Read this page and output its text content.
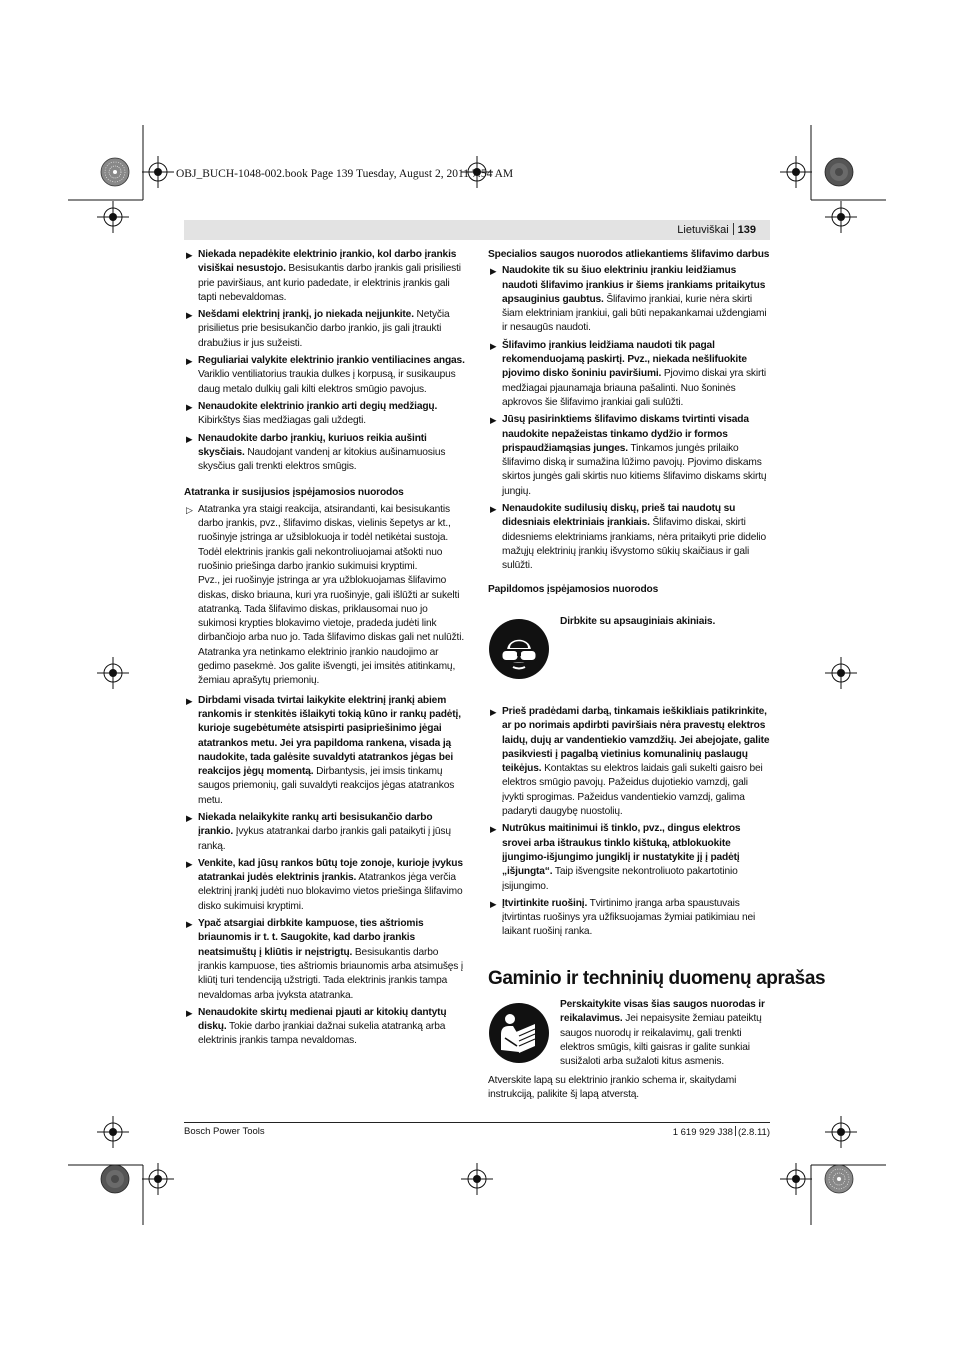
OBJ_BUCH-1048-002.book Page 139 Tuesday, August 2, 2011 7:54 AM
Lietuviškai 139
▶ Niekada nepadėkite elektrinio įrankio, kol darbo įrankis visiškai nesustojo. Besisukantis darbo įrankis gali prisiliesti prie paviršiaus, ant kurio padedate, ir elektrinis įrankis gali tapti nebevaldomas.
▶ Nešdami elektrinį įrankį, jo niekada neįjunkite. Netyčia prisilietus prie besisukančio darbo įrankio, jis gali įtraukti drabužius ir jus sužeisti.
▶ Reguliariai valykite elektrinio įrankio ventiliacines angas. Variklio ventiliatorius traukia dulkes į korpusą, ir susikaupus daug metalo dulkių gali kilti elektros smūgio pavojus.
▶ Nenaudokite elektrinio įrankio arti degių medžiagų. Kibirkštys šias medžiagas gali uždegti.
▶ Nenaudokite darbo įrankių, kuriuos reikia aušinti skysčiais. Naudojant vandenį ar kitokius aušinamuosius skysčius gali trenkti elektros smūgis.

Atatranka ir susijusios įspėjamosios nuorodos

▷ Atatranka yra staigi reakcija, atsirandanti, kai besisukantis darbo įrankis, pvz., šlifavimo diskas, vielinis šepetys ar kt., ruošinyje įstringa ar užsiblokuoja ir todėl netikėtai sustoja. Todėl elektrinis įrankis gali nekontroliuojamai atšokti nuo ruošinio priešinga darbo įrankio sukimuisi kryptimi.

Pvz., jei ruošinyje įstringa ar yra užblokuojamas šlifavimo diskas, disko briauna, kuri yra ruošinyje, gali išlūžti ar sukelti atatranką. Tada šlifavimo diskas, priklausomai nuo jo sukimosi krypties blokavimo vietoje, pradeda judėti link dirbančiojo arba nuo jo. Tada šlifavimo diskas gali net nulūžti.

Atatranka yra netinkamo elektrinio įrankio naudojimo ar gedimo pasekmė. Jos galite išvengti, jei imsitės atitinkamų, žemiau aprašytų priemonių.

▶ Dirbdami visada tvirtai laikykite elektrinį įrankį abiem rankomis ir stenkitės išlaikyti tokią kūno ir rankų padėtį, kurioje sugebėtumėte atsispirti pasipriešinimo jėgai atatrankos metu. Jei yra papildoma rankena, visada ją naudokite, tada galėsite suvaldyti atatrankos jėgas bei reakcijos jėgų momentą. Dirbantysis, jei imsis tinkamų saugos priemonių, gali suvaldyti reakcijos jėgas atatrankos metu.
▶ Niekada nelaikykite rankų arti besisukančio darbo įrankio. Įvykus atatrankai darbo įrankis gali pataikyti į jūsų ranką.
▶ Venkite, kad jūsų rankos būtų toje zonoje, kurioje įvykus atatrankai judės elektrinis įrankis. Atatrankos jėga verčia elektrinį įrankį judėti nuo blokavimo vietos priešinga šlifavimo disko sukimuisi kryptimi.
▶ Ypač atsargiai dirbkite kampuose, ties aštriomis briaunomis ir t. t. Saugokite, kad darbo įrankis neatsimuštų į kliūtis ir neįstrigtų. Besisukantis darbo įrankis kampuose, ties aštriomis briaunomis arba atsimušęs į kliūtį turi tendenciją užstrigti. Tada elektrinis įrankis tampa nevaldomas arba įvyksta atatranka.
▶ Nenaudokite skirtų medienai pjauti ar kitokių dantytų diskų. Tokie darbo įrankiai dažnai sukelia atatranką arba elektrinis įrankis tampa nevaldomas.

Specialios saugos nuorodos atliekantiems šlifavimo darbus

▶ Naudokite tik su šiuo elektriniu įrankiu leidžiamus naudoti šlifavimo įrankius ir šiems įrankiams pritaikytus apsauginius gaubtus. Šlifavimo įrankiai, kurie nėra skirti šiam elektriniam įrankiui, gali būti nepakankamai uždengiami ir nesaugūs naudoti.
▶ Šlifavimo įrankius leidžiama naudoti tik pagal rekomenduojamą paskirtį. Pvz., niekada nešlifuokite pjovimo disko šoniniu paviršiumi. Pjovimo diskai yra skirti medžiagai pjaunamąja briauna pašalinti. Nuo šoninės apkrovos šie šlifavimo įrankiai gali sulūžti.
▶ Jūsų pasirinktiems šlifavimo diskams tvirtinti visada naudokite nepažeistas tinkamo dydžio ir formos prispaudžiamąsias junges. Tinkamos jungės prilaiko šlifavimo diską ir sumažina lūžimo pavojų. Pjovimo diskams skirtos jungės gali skirtis nuo kitiems šlifavimo diskams skirtų jungių.
▶ Nenaudokite sudilusių diskų, prieš tai naudotų su didesniais elektriniais įrankiais. Šlifavimo diskai, skirti didesniems elektriniams įrankiams, nėra pritaikyti prie didelio mažųjų elektrinių įrankių išvystomo sūkių skaičiaus ir gali sulūžti.

Papildomos įspėjamosios nuorodos

Dirbkite su apsauginiais akiniais.
▶ Prieš pradėdami darbą, tinkamais ieškikliais patikrinkite, ar po norimais apdirbti paviršiais nėra pravestų elektros laidų, dujų ar vandentiekio vamzdžių. Jei abejojate, galite pasikviesti į pagalbą vietinius komunalinių paslaugų teikėjus. Kontaktas su elektros laidais gali sukelti gaisro bei elektros smūgio pavojų. Pažeidus dujotiekio vamzdį, gali įvykti sprogimas. Pažeidus vandentiekio vamzdį, galima padaryti daugybę nuostolių.
▶ Nutrūkus maitinimui iš tinklo, pvz., dingus elektros srovei arba ištraukus tinklo kištuką, atblokuokite įjungimo-išjungimo jungiklį ir nustatykite jį į padėtį „išjungta“. Taip išvengsite nekontroliuoto pakartotinio įsijungimo.
▶ Įtvirtinkite ruošinį. Tvirtinimo įranga arba spaustuvais įtvirtintas ruošinys yra užfiksuojamas žymiai patikimiau nei laikant ruošinį ranka.
Gaminio ir techninių duomenų aprašas
Perskaitykite visas šias saugos nuorodas ir reikalavimus. Jei nepaisysite žemiau pateiktų saugos nuorodų ir reikalavimų, gali trenkti elektros smūgis, kilti gaisras ir galite sunkiai susižaloti arba sužaloti kitus asmenis.
Atverskite lapą su elektrinio įrankio schema ir, skaitydami instrukciją, palikite šį lapą atverstą.
Bosch Power Tools	1 619 929 J38 (2.8.11)
